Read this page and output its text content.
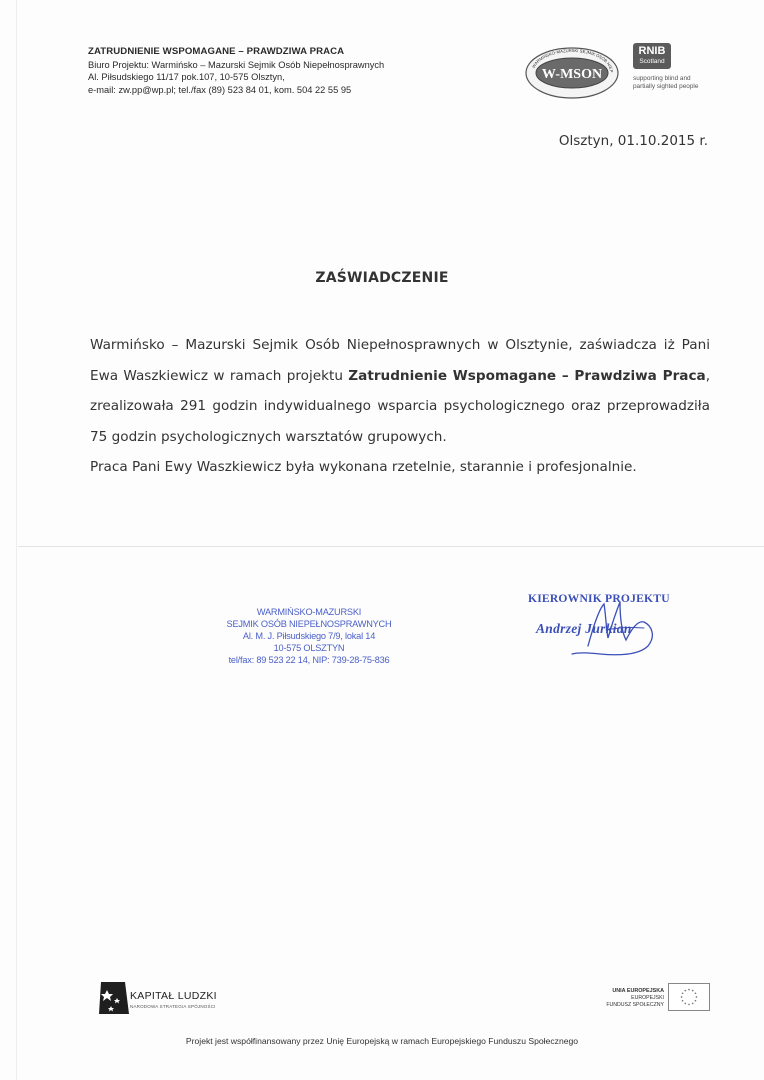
ZATRUDNIENIE WSPOMAGANE – PRAWDZIWA PRACA
Biuro Projektu: Warmińsko – Mazurski Sejmik Osób Niepełnosprawnych
Al. Piłsudskiego 11/17 pok.107, 10-575 Olsztyn,
e-mail: zw.pp@wp.pl; tel./fax (89) 523 84 01, kom. 504 22 55 95
W-MSON
WARMIŃSKO-MAZURSKI SEJMIK OSÓB NIEP
RNIB
Scotland
supporting blind and
partially sighted people
Olsztyn, 01.10.2015 r.
ZAŚWIADCZENIE

Warmińsko – Mazurski Sejmik Osób Niepełnosprawnych w Olsztynie, zaświadcza iż Pani Ewa Waszkiewicz w ramach projektu Zatrudnienie Wspomagane – Prawdziwa Praca, zrealizowała 291 godzin indywidualnego wsparcia psychologicznego oraz przeprowadziła 75 godzin psychologicznych warsztatów grupowych.

Praca Pani Ewy Waszkiewicz była wykonana rzetelnie, starannie i profesjonalnie.

WARMIŃSKO-MAZURSKI
SEJMIK OSÓB NIEPEŁNOSPRAWNYCH
Al. M. J. Piłsudskiego 7/9, lokal 14
10-575 OLSZTYN
tel/fax: 89 523 22 14, NIP: 739-28-75-836
KIEROWNIK PROJEKTU
Andrzej Jurkian
KAPITAŁ LUDZKI
NARODOWA STRATEGIA SPÓJNOŚCI
UNIA EUROPEJSKA
EUROPEJSKI
FUNDUSZ SPOŁECZNY
Projekt jest współfinansowany przez Unię Europejską w ramach Europejskiego Funduszu Społecznego
